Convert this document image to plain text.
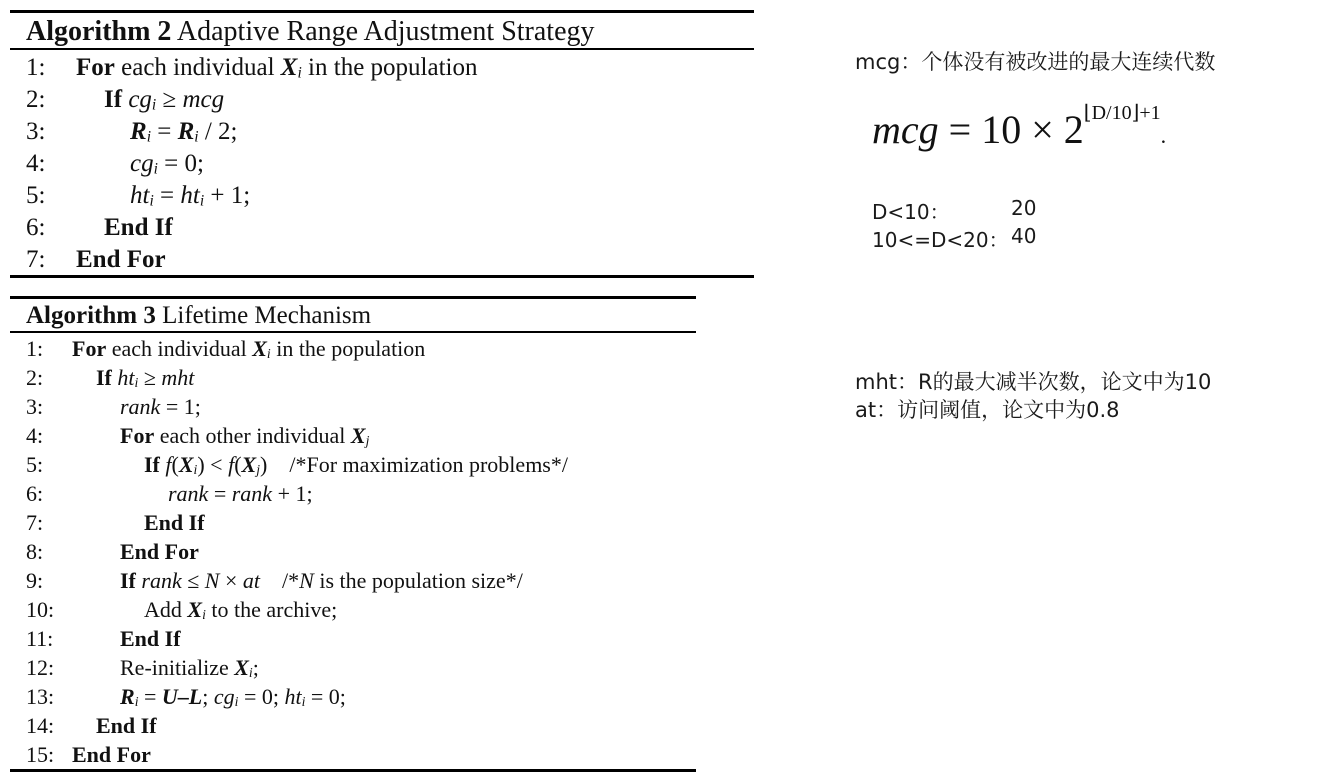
Algorithm 2 Adaptive Range Adjustment Strategy
1: For each individual $X_i$ in the population
2: If $cg_i$ ≥ mcg
3:	$R_i = R_i / 2$;
4:	$cg_i = 0$;
5:	$ht_i = ht_i + 1$;
6: End If
7: End For
Algorithm 3 Lifetime Mechanism
1: For each individual $X_i$ in the population
2: If $ht_i$ ≥ mht
3:	rank = 1;
4:	For each other individual $X_j$
5:	If $f(X_i) < f(X_j)$ /*For maximization problems*/
6:	rank = rank + 1;
7:	End If
8:	End For
9:	If rank ≤ N × at /*N is the population size*/
10:	Add $X_i$ to the archive;
11:	End If
12:	Re-initialize $X_i$;
13:	$R_i = U-L$; $cg_i = 0$; $ht_i = 0$;
14: End If
15: End For
mcg：个体没有被改进的最大连续代数
mcg = $10 \times 2^{⌊D/10⌋+1}$.
D<10：	20
10<=D<20： 40
mht：R的最大减半次数，论文中为10
at：访问阈值，论文中为0.8
